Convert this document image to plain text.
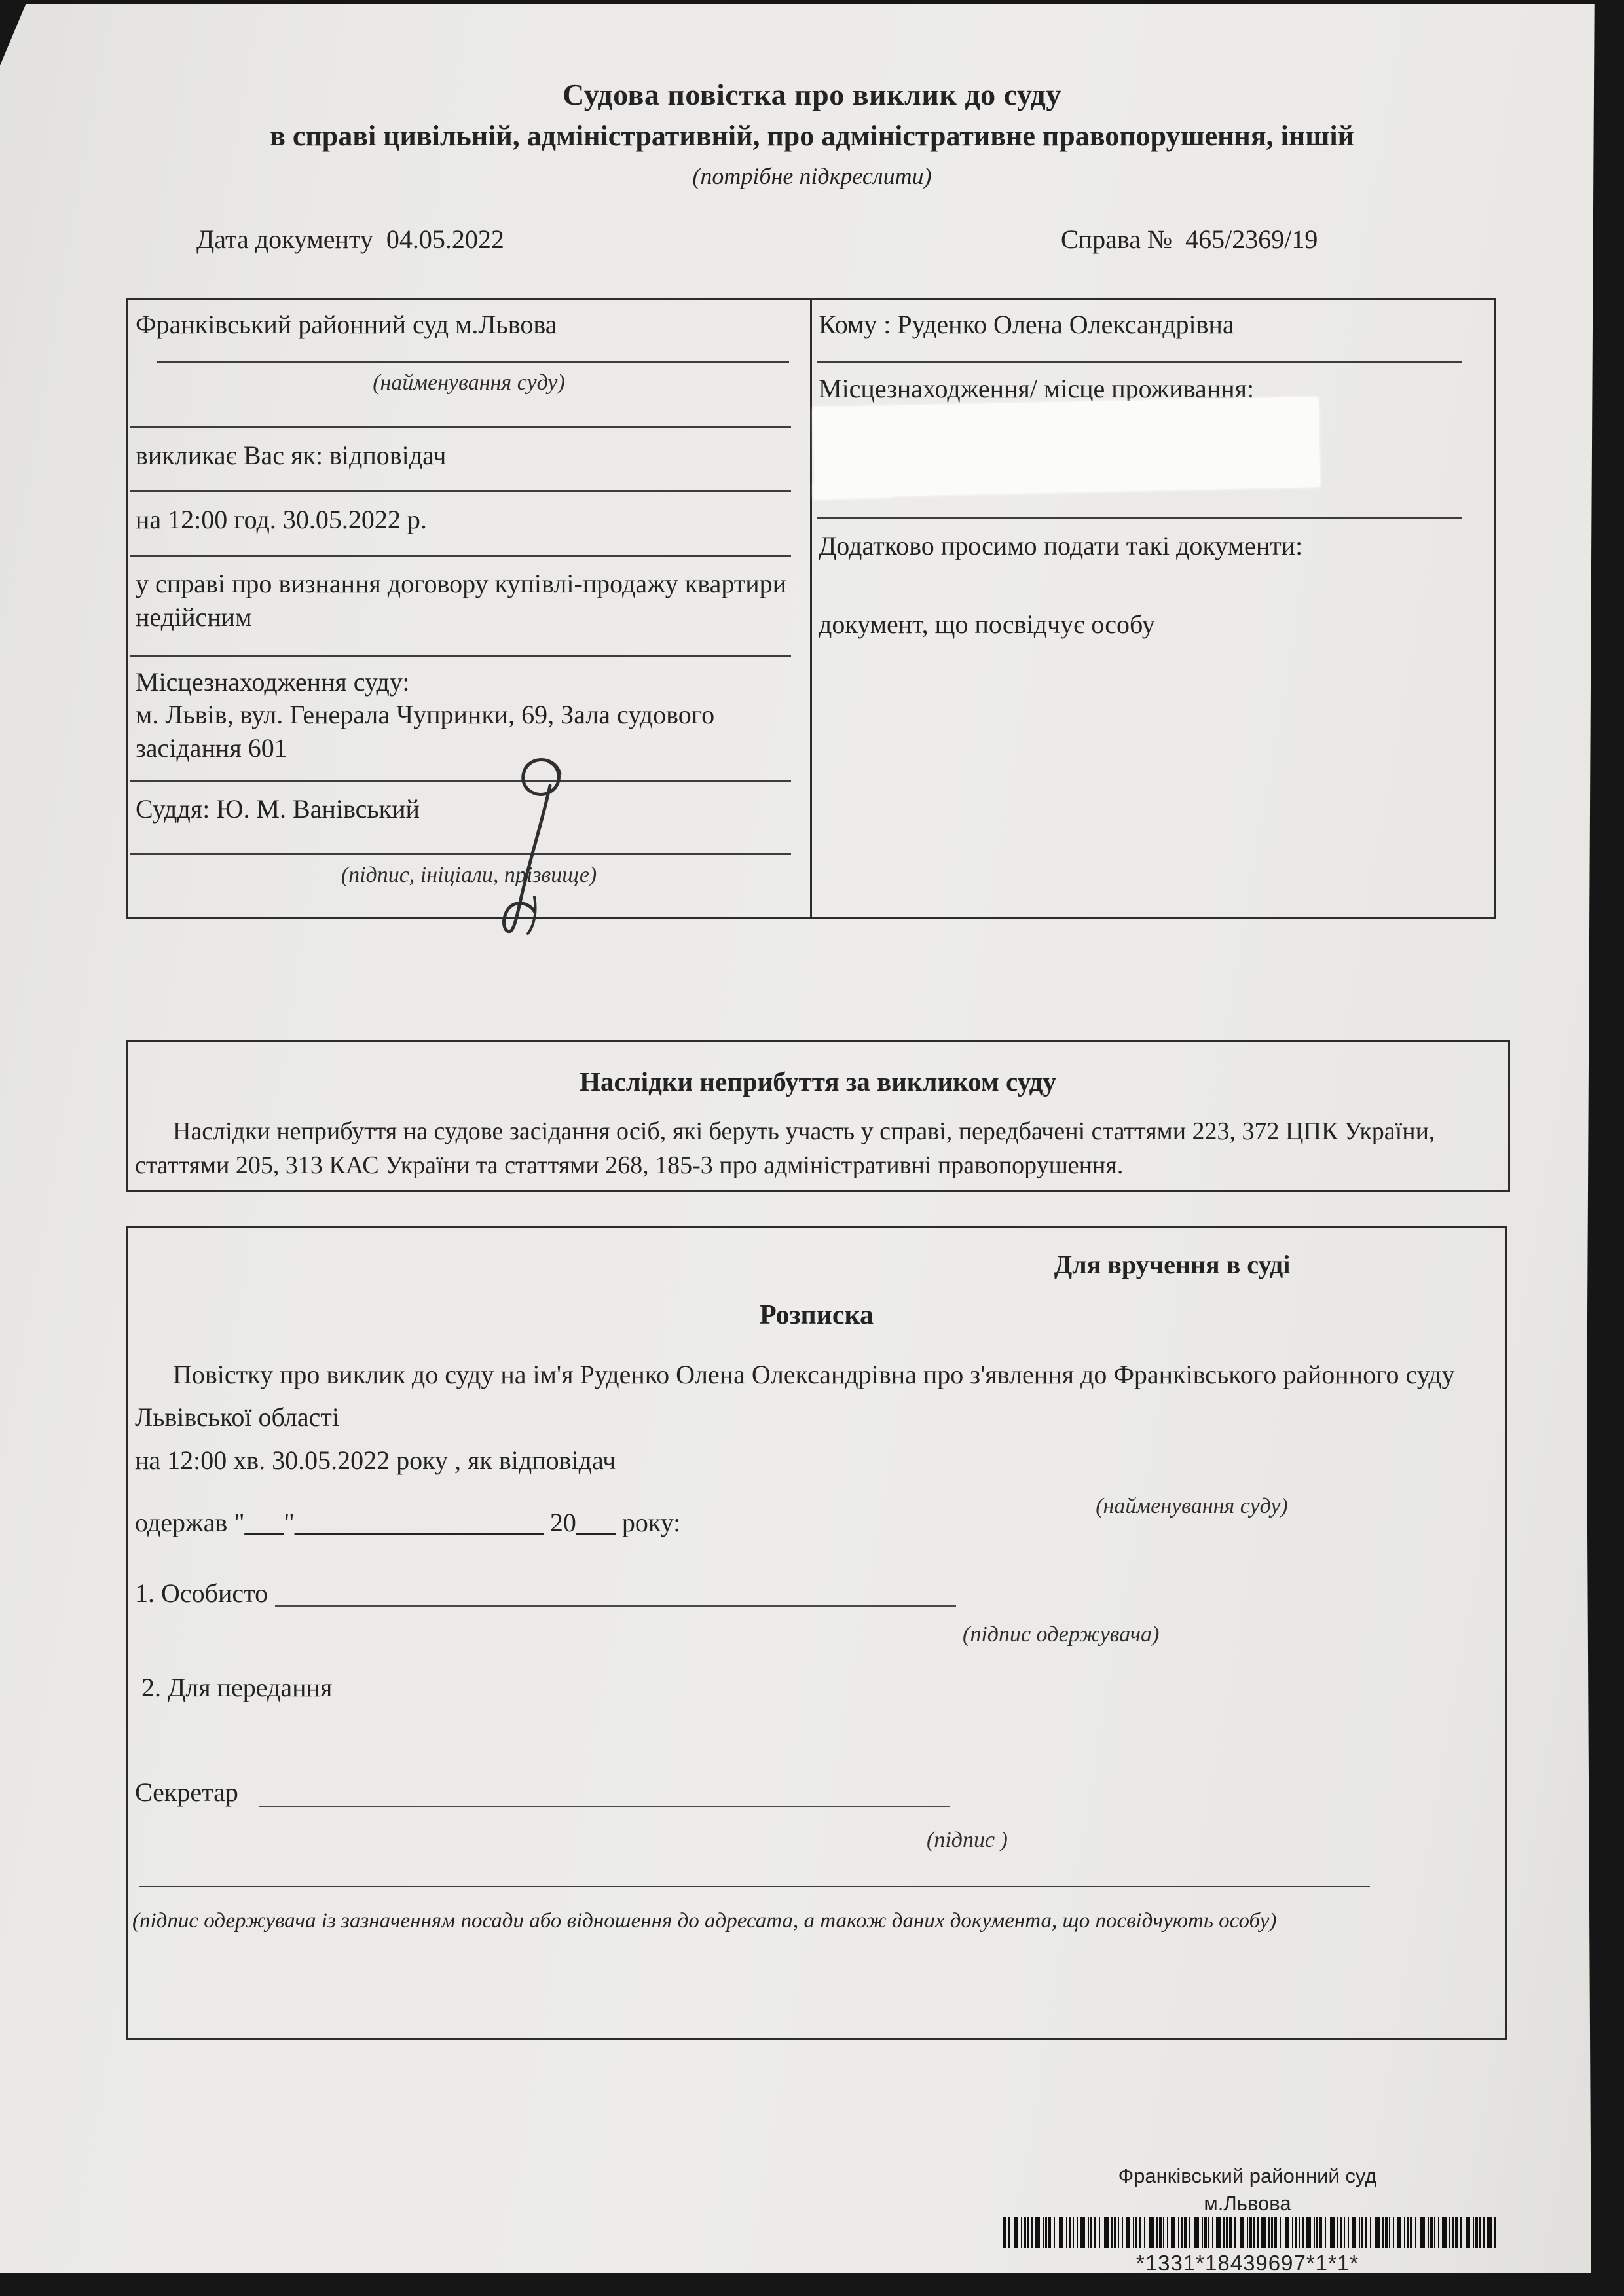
Судова повістка про виклик до суду
в справі цивільній, адміністративній, про адміністративне правопорушення, іншій
(потрібне підкреслити)
Дата документу 04.05.2022	Справа № 465/2369/19
Франківський районний суд м.Львова
(найменування суду)
викликає Вас як: відповідач
на 12:00 год. 30.05.2022 р.
у справі про визнання договору купівлі-продажу квартири недійсним
Місцезнаходження суду:
м. Львів, вул. Генерала Чупринки, 69, Зала судового засідання 601
Суддя: Ю. М. Ванівський
(підпис, ініціали, прізвище)
Кому : Руденко Олена Олександрівна
Місцезнаходження/ місце проживання:
Додатково просимо подати такі документи:
документ, що посвідчує особу
Наслідки неприбуття за викликом суду
Наслідки неприбуття на судове засідання осіб, які беруть участь у справі, передбачені статтями 223, 372 ЦПК України, статтями 205, 313 КАС України та статтями 268, 185-3 про адміністративні правопорушення.
Для вручення в суді
Розписка
Повістку про виклик до суду на ім'я Руденко Олена Олександрівна про з'явлення до Франківського районного суду Львівської області
(найменування суду)
на 12:00 хв. 30.05.2022 року , як відповідач
одержав "___"___________________ 20___ року:
1. Особисто
(підпис одержувача)
2. Для передання
Секретар
(підпис )
(підпис одержувача із зазначенням посади або відношення до адресата, а також даних документа, що посвідчують особу)
Франківський районний суд
м.Львова
*1331*18439697*1*1*
